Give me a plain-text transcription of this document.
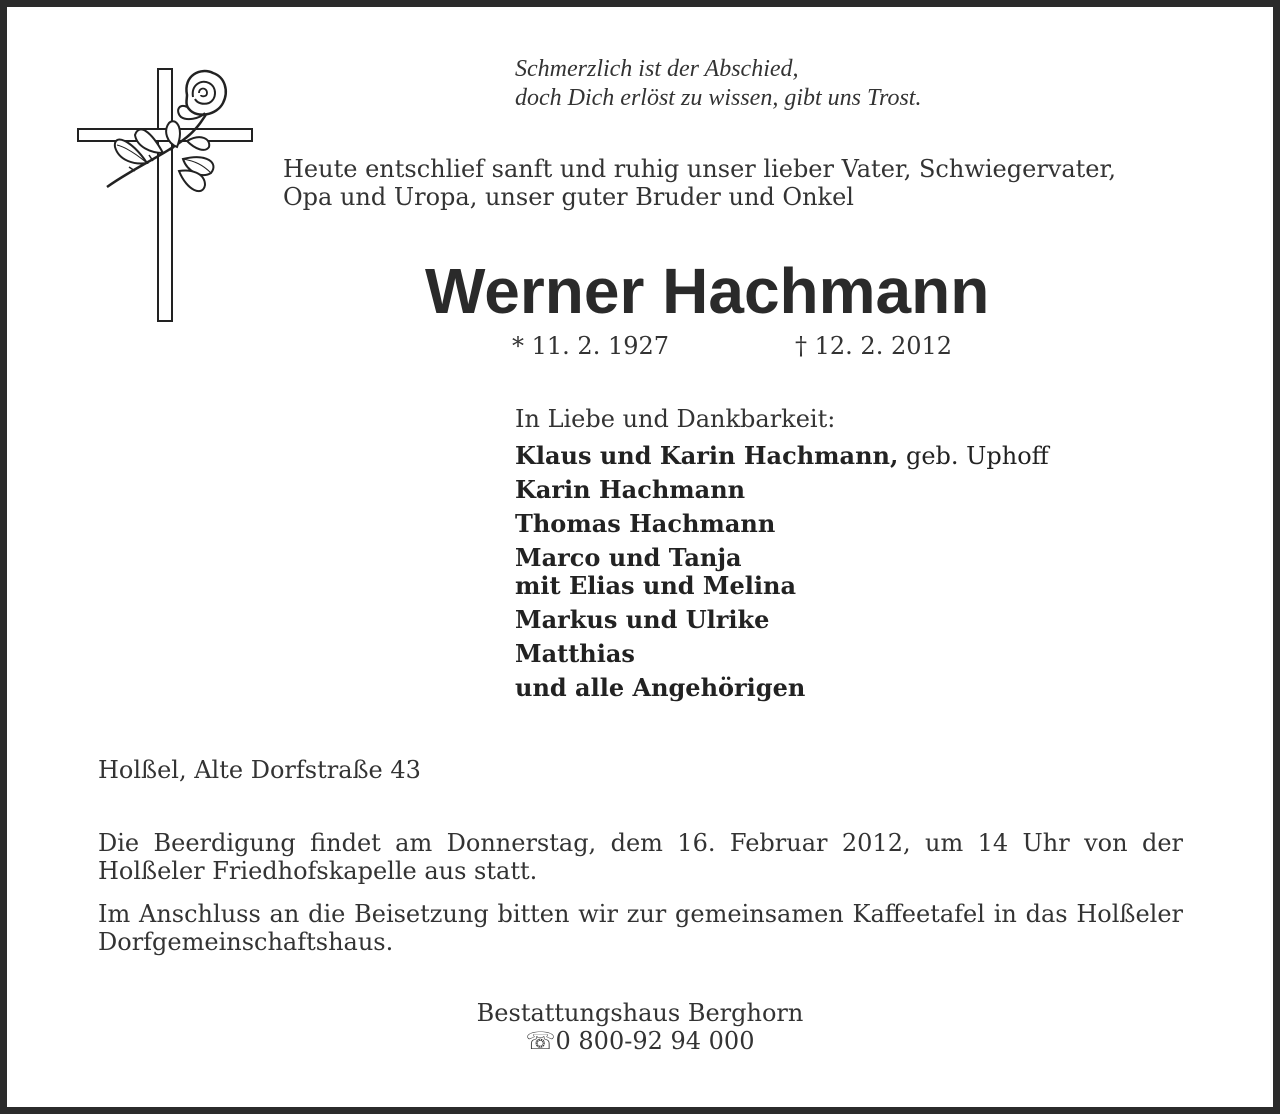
Schmerzlich ist der Abschied,
doch Dich erlöst zu wissen, gibt uns Trost.
Heute entschlief sanft und ruhig unser lieber Vater, Schwiegervater,
Opa und Uropa, unser guter Bruder und Onkel
Werner Hachmann
* 11. 2. 1927	† 12. 2. 2012
In Liebe und Dankbarkeit:
Klaus und Karin Hachmann, geb. Uphoff
Karin Hachmann
Thomas Hachmann
Marco und Tanja
mit Elias und Melina
Markus und Ulrike
Matthias
und alle Angehörigen
Holßel, Alte Dorfstraße 43
Die Beerdigung findet am Donnerstag, dem 16. Februar 2012, um 14 Uhr von der Holßeler Friedhofskapelle aus statt.
Im Anschluss an die Beisetzung bitten wir zur gemeinsamen Kaffeetafel in das Holßeler Dorfgemeinschaftshaus.
Bestattungshaus Berghorn
☏0 800-92 94 000
